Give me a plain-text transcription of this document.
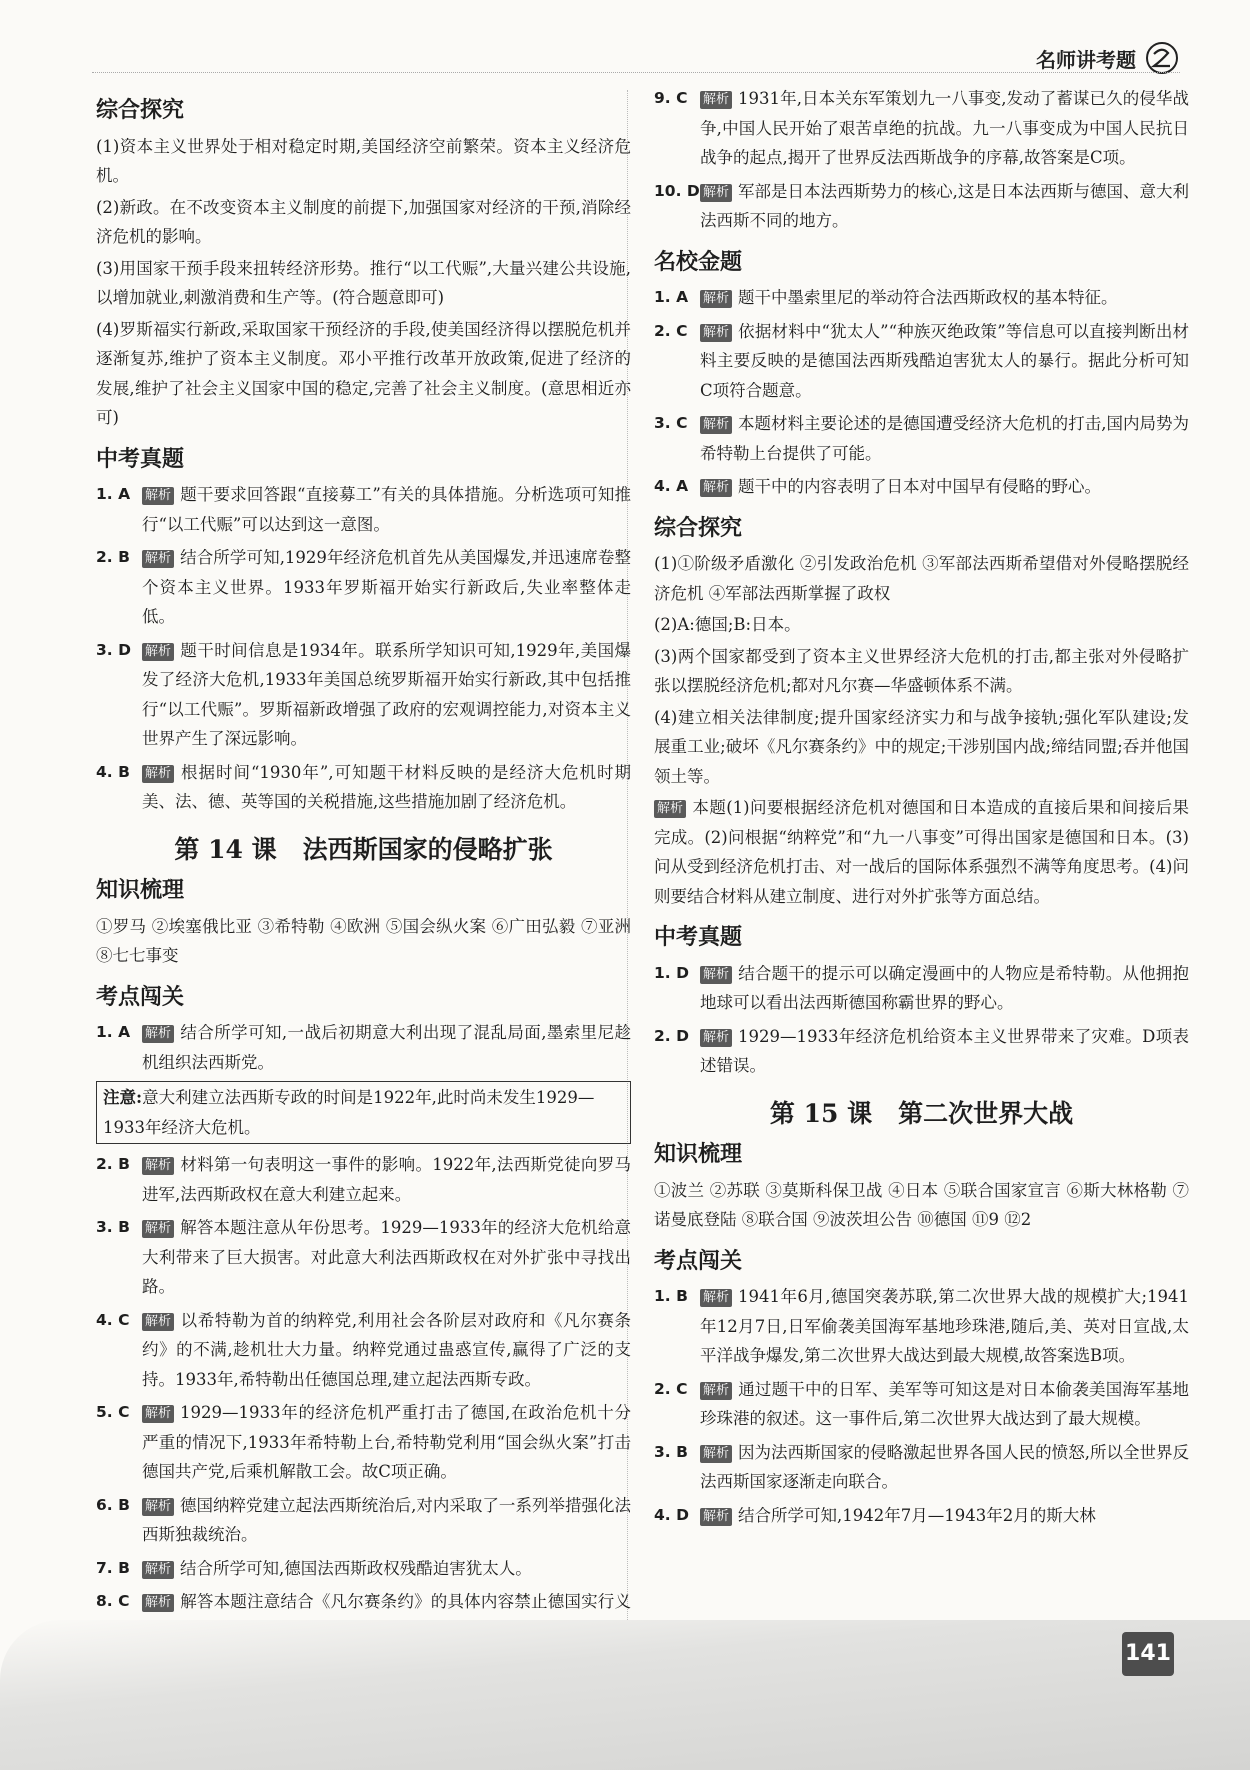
名师讲考题
综合探究
(1)资本主义世界处于相对稳定时期,美国经济空前繁荣。资本主义经济危机。
(2)新政。在不改变资本主义制度的前提下,加强国家对经济的干预,消除经济危机的影响。
(3)用国家干预手段来扭转经济形势。推行“以工代赈”,大量兴建公共设施,以增加就业,刺激消费和生产等。(符合题意即可)
(4)罗斯福实行新政,采取国家干预经济的手段,使美国经济得以摆脱危机并逐渐复苏,维护了资本主义制度。邓小平推行改革开放政策,促进了经济的发展,维护了社会主义国家中国的稳定,完善了社会主义制度。(意思相近亦可)
中考真题
1. A	解析 题干要求回答跟“直接募工”有关的具体措施。分析选项可知推行“以工代赈”可以达到这一意图。
2. B	解析 结合所学可知,1929年经济危机首先从美国爆发,并迅速席卷整个资本主义世界。1933年罗斯福开始实行新政后,失业率整体走低。
3. D	解析 题干时间信息是1934年。联系所学知识可知,1929年,美国爆发了经济大危机,1933年美国总统罗斯福开始实行新政,其中包括推行“以工代赈”。罗斯福新政增强了政府的宏观调控能力,对资本主义世界产生了深远影响。
4. B	解析 根据时间“1930年”,可知题干材料反映的是经济大危机时期美、法、德、英等国的关税措施,这些措施加剧了经济危机。
第 14 课 法西斯国家的侵略扩张
知识梳理
①罗马 ②埃塞俄比亚 ③希特勒 ④欧洲 ⑤国会纵火案 ⑥广田弘毅 ⑦亚洲 ⑧七七事变
考点闯关
1. A	解析 结合所学可知,一战后初期意大利出现了混乱局面,墨索里尼趁机组织法西斯党。
注意:意大利建立法西斯专政的时间是1922年,此时尚未发生1929—1933年经济大危机。
2. B	解析 材料第一句表明这一事件的影响。1922年,法西斯党徒向罗马进军,法西斯政权在意大利建立起来。
3. B	解析 解答本题注意从年份思考。1929—1933年的经济大危机给意大利带来了巨大损害。对此意大利法西斯政权在对外扩张中寻找出路。
4. C	解析 以希特勒为首的纳粹党,利用社会各阶层对政府和《凡尔赛条约》的不满,趁机壮大力量。纳粹党通过蛊惑宣传,赢得了广泛的支持。1933年,希特勒出任德国总理,建立起法西斯专政。
5. C	解析 1929—1933年的经济危机严重打击了德国,在政治危机十分严重的情况下,1933年希特勒上台,希特勒党利用“国会纵火案”打击德国共产党,后乘机解散工会。故C项正确。
6. B	解析 德国纳粹党建立起法西斯统治后,对内采取了一系列举措强化法西斯独裁统治。
7. B	解析 结合所学可知,德国法西斯政权残酷迫害犹太人。
8. C	解析 解答本题注意结合《凡尔赛条约》的具体内容禁止德国实行义
9. C	解析 1931年,日本关东军策划九一八事变,发动了蓄谋已久的侵华战争,中国人民开始了艰苦卓绝的抗战。九一八事变成为中国人民抗日战争的起点,揭开了世界反法西斯战争的序幕,故答案是C项。
10. D 解析 军部是日本法西斯势力的核心,这是日本法西斯与德国、意大利法西斯不同的地方。
名校金题
1. A	解析 题干中墨索里尼的举动符合法西斯政权的基本特征。
2. C	解析 依据材料中“犹太人”“种族灭绝政策”等信息可以直接判断出材料主要反映的是德国法西斯残酷迫害犹太人的暴行。据此分析可知C项符合题意。
3. C	解析 本题材料主要论述的是德国遭受经济大危机的打击,国内局势为希特勒上台提供了可能。
4. A	解析 题干中的内容表明了日本对中国早有侵略的野心。
综合探究
(1)①阶级矛盾激化 ②引发政治危机 ③军部法西斯希望借对外侵略摆脱经济危机 ④军部法西斯掌握了政权
(2)A:德国;B:日本。
(3)两个国家都受到了资本主义世界经济大危机的打击,都主张对外侵略扩张以摆脱经济危机;都对凡尔赛—华盛顿体系不满。
(4)建立相关法律制度;提升国家经济实力和与战争接轨;强化军队建设;发展重工业;破坏《凡尔赛条约》中的规定;干涉别国内战;缔结同盟;吞并他国领土等。
解析 本题(1)问要根据经济危机对德国和日本造成的直接后果和间接后果完成。(2)问根据“纳粹党”和“九一八事变”可得出国家是德国和日本。(3)问从受到经济危机打击、对一战后的国际体系强烈不满等角度思考。(4)问则要结合材料从建立制度、进行对外扩张等方面总结。
中考真题
1. D	解析 结合题干的提示可以确定漫画中的人物应是希特勒。从他拥抱地球可以看出法西斯德国称霸世界的野心。
2. D	解析 1929—1933年经济危机给资本主义世界带来了灾难。D项表述错误。
第 15 课 第二次世界大战
知识梳理
①波兰 ②苏联 ③莫斯科保卫战 ④日本 ⑤联合国家宣言 ⑥斯大林格勒 ⑦诺曼底登陆 ⑧联合国 ⑨波茨坦公告 ⑩德国 ⑪9 ⑫2
考点闯关
1. B	解析 1941年6月,德国突袭苏联,第二次世界大战的规模扩大;1941年12月7日,日军偷袭美国海军基地珍珠港,随后,美、英对日宣战,太平洋战争爆发,第二次世界大战达到最大规模,故答案选B项。
2. C	解析 通过题干中的日军、美军等可知这是对日本偷袭美国海军基地珍珠港的叙述。这一事件后,第二次世界大战达到了最大规模。
3. B	解析 因为法西斯国家的侵略激起世界各国人民的愤怒,所以全世界反法西斯国家逐渐走向联合。
4. D	解析 结合所学可知,1942年7月—1943年2月的斯大林
141
